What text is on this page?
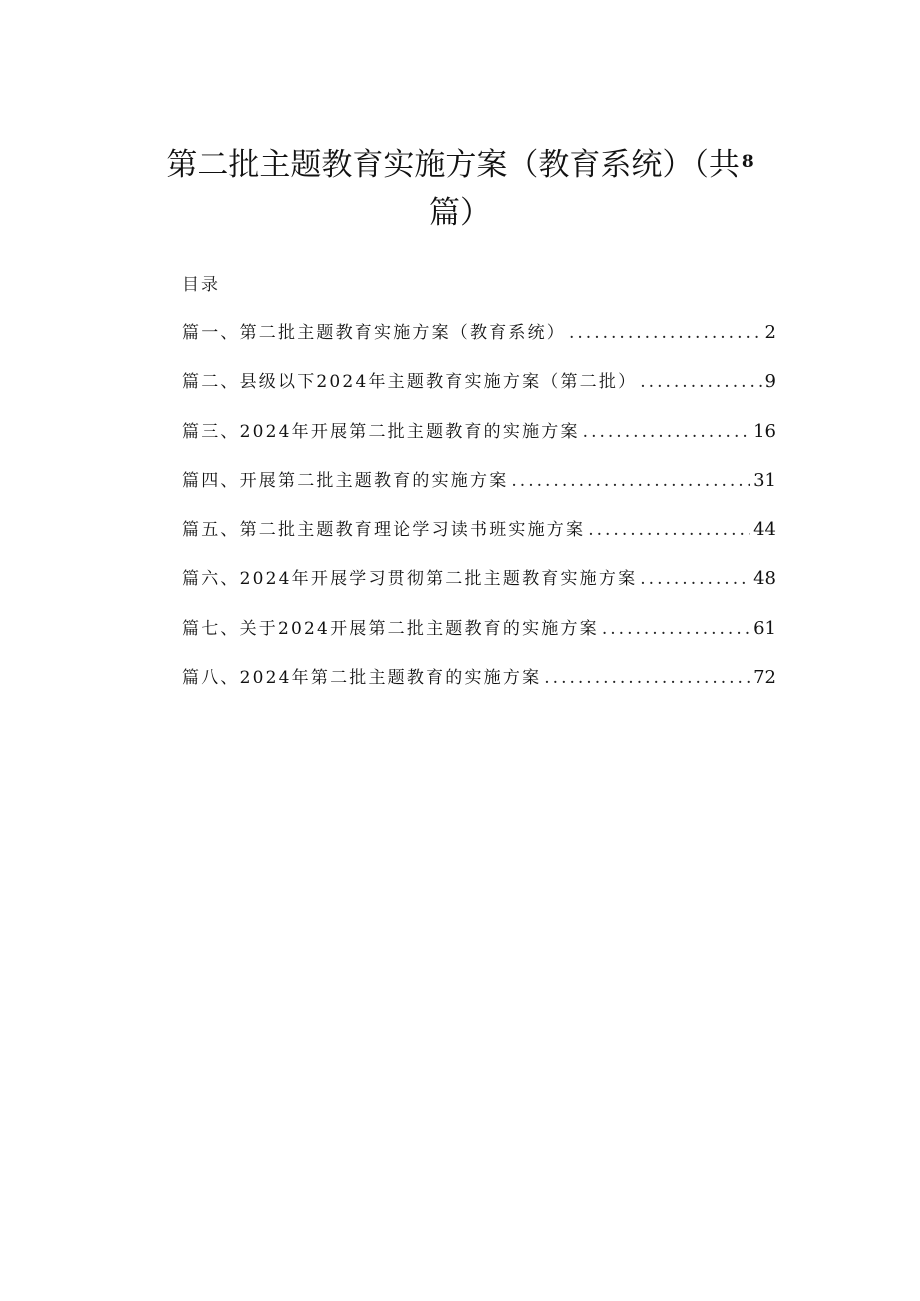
第二批主题教育实施方案（教育系统）（共 $^8$
篇）
目录
篇一、第二批主题教育实施方案（教育系统） .....	2
篇二、县级以下2024年主题教育实施方案（第二批） .....	9
篇三、2024年开展第二批主题教育的实施方案 .....	16
篇四、开展第二批主题教育的实施方案 .....	31
篇五、第二批主题教育理论学习读书班实施方案 .....	44
篇六、2024年开展学习贯彻第二批主题教育实施方案 .....	48
篇七、关于2024开展第二批主题教育的实施方案 .....	61
篇八、2024年第二批主题教育的实施方案 .....	72
